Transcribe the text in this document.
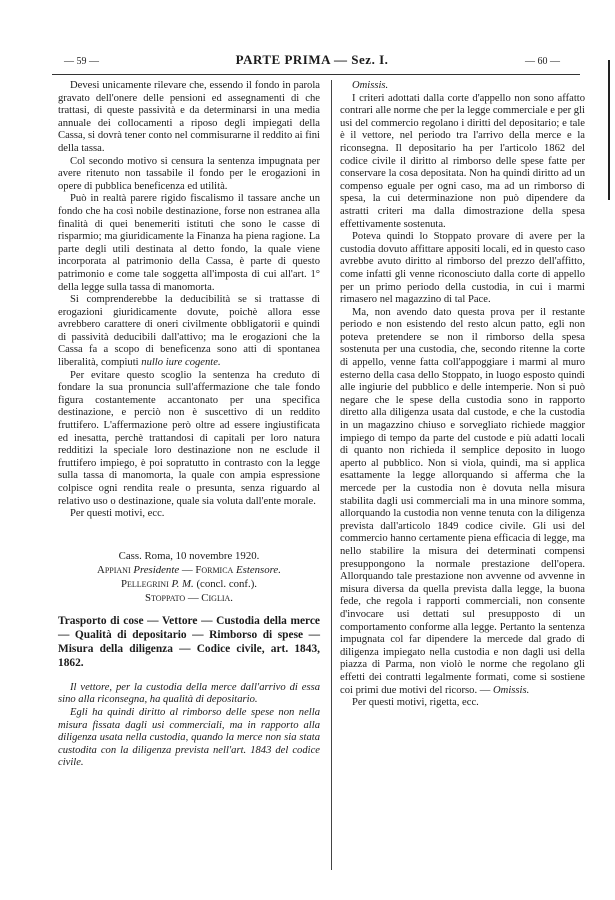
— 59 —	PARTE PRIMA — Sez. I.	— 60 —

Devesi unicamente rilevare che, essendo il fondo in parola gravato dell'onere delle pensioni ed assegnamenti di che trattasi, di queste passività e da determinarsi in una media annuale dei collocamenti a riposo degli impiegati della Cassa, si dovrà tener conto nel commisurarne il reddito ai fini della tassa.

Col secondo motivo si censura la sentenza impugnata per avere ritenuto non tassabile il fondo per le erogazioni in opere di pubblica beneficenza ed utilità.

Può in realtà parere rigido fiscalismo il tassare anche un fondo che ha così nobile destinazione, forse non estranea alla finalità di quei benemeriti istituti che sono le casse di risparmio; ma giuridicamente la Finanza ha piena ragione. La parte degli utili destinata al detto fondo, la quale viene incorporata al patrimonio della Cassa, è parte di questo patrimonio e come tale soggetta all'imposta di cui all'art. 1° della legge sulla tassa di manomorta.

Si comprenderebbe la deducibilità se si trattasse di erogazioni giuridicamente dovute, poichè allora esse avrebbero carattere di oneri civilmente obbligatorii e quindi di passività deducibili dall'attivo; ma le erogazioni che la Cassa fa a scopo di beneficenza sono atti di spontanea liberalità, compiuti nullo iure cogente.

Per evitare questo scoglio la sentenza ha creduto di fondare la sua pronuncia sull'affermazione che tale fondo figura costantemente accantonato per una specifica destinazione, e perciò non è suscettivo di un reddito fruttifero. L'affermazione però oltre ad essere ingiustificata ed inesatta, perchè trattandosi di capitali per loro natura redditizi la speciale loro destinazione non ne esclude il fruttifero impiego, è poi sopratutto in contrasto con la legge sulla tassa di manomorta, la quale con ampia espressione colpisce ogni rendita reale o presunta, senza riguardo al relativo uso o destinazione, quale sia voluta dall'ente morale.

Per questi motivi, ecc.

Cass. Roma, 10 novembre 1920.
Appiani Presidente — Formica Estensore.
Pellegrini P. M. (concl. conf.).
Stoppato — Ciglia.

Trasporto di cose — Vettore — Custodia della merce — Qualità di depositario — Rimborso di spese — Misura della diligenza — Codice civile, art. 1843, 1862.

Il vettore, per la custodia della merce dall'arrivo di essa sino alla riconsegna, ha qualità di depositario.

Egli ha quindi diritto al rimborso delle spese non nella misura fissata dagli usi commerciali, ma in rapporto alla diligenza usata nella custodia, quando la merce non sia stata custodita con la diligenza prevista nell'art. 1843 del codice civile.

Omissis.

I criteri adottati dalla corte d'appello non sono affatto contrari alle norme che per la legge commerciale e per gli usi del commercio regolano i diritti del depositario; e tale è il vettore, nel periodo tra l'arrivo della merce e la riconsegna. Il depositario ha per l'articolo 1862 del codice civile il diritto al rimborso delle spese fatte per conservare la cosa depositata. Non ha quindi diritto ad un compenso eguale per ogni caso, ma ad un rimborso di spesa, la cui determinazione non può dipendere da astratti criteri ma dalla dimostrazione della spesa effettivamente sostenuta.

Poteva quindi lo Stoppato provare di avere per la custodia dovuto affittare appositi locali, ed in questo caso avrebbe avuto diritto al rimborso del prezzo dell'affitto, come infatti gli venne riconosciuto dalla corte di appello per un primo periodo della custodia, in cui i marmi rimasero nel magazzino di tal Pace.

Ma, non avendo dato questa prova per il restante periodo e non esistendo del resto alcun patto, egli non poteva pretendere se non il rimborso della spesa sostenuta per una custodia, che, secondo ritenne la corte di appello, venne fatta coll'appoggiare i marmi al muro esterno della casa dello Stoppato, in luogo esposto quindi alle ingiurie del pubblico e delle intemperie. Non si può negare che le spese della custodia sono in rapporto diretto alla diligenza usata dal custode, e che la custodia in un magazzino chiuso e sorvegliato richiede maggior impiego di tempo da parte del custode e più adatti locali di quanto non richieda il semplice deposito in luogo aperto al pubblico. Non si viola, quindi, ma si applica esattamente la legge allorquando si afferma che la mercede per la custodia non è dovuta nella misura stabilita dagli usi commerciali ma in una minore somma, allorquando la custodia non venne tenuta con la diligenza prevista dall'articolo 1849 codice civile. Gli usi del commercio hanno certamente piena efficacia di legge, ma nello stabilire la misura dei determinati compensi presuppongono la normale prestazione dell'opera. Allorquando tale prestazione non avvenne od avvenne in misura diversa da quella prevista dalla legge, la buona fede, che regola i rapporti commerciali, non consente d'invocare usi dettati sul presupposto di un comportamento conforme alla legge. Pertanto la sentenza impugnata col far dipendere la mercede dal grado di diligenza impiegato nella custodia e non dagli usi della piazza di Parma, non violò le norme che regolano gli effetti dei contratti legalmente formati, come si sostiene coi primi due motivi del ricorso. — Omissis.

Per questi motivi, rigetta, ecc.
